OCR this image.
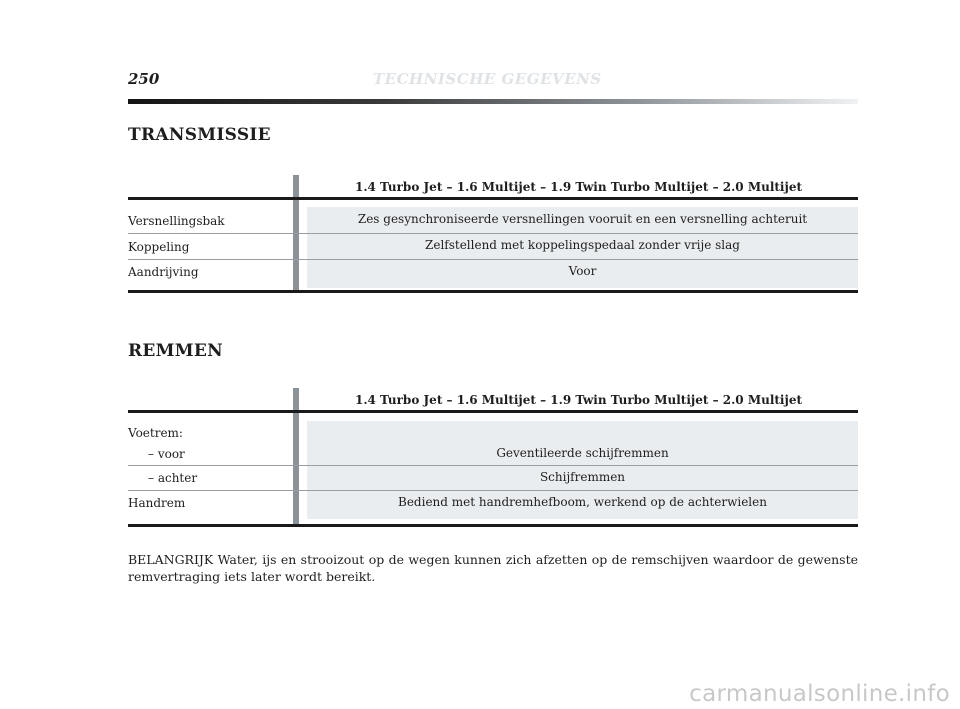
250	TECHNISCHE GEGEVENS
TRANSMISSIE
1.4 Turbo Jet – 1.6 Multijet – 1.9 Twin Turbo Multijet – 2.0 Multijet
Versnellingsbak	Zes gesynchroniseerde versnellingen vooruit en een versnelling achteruit
Koppeling	Zelfstellend met koppelingspedaal zonder vrije slag
Aandrijving	Voor
REMMEN
1.4 Turbo Jet – 1.6 Multijet – 1.9 Twin Turbo Multijet – 2.0 Multijet
Voetrem:
– voor	Geventileerde schijfremmen
– achter	Schijfremmen
Handrem	Bediend met handremhefboom, werkend op de achterwielen
BELANGRIJK Water, ijs en strooizout op de wegen kunnen zich afzetten op de remschijven waardoor de gewenste remvertraging iets later wordt bereikt.
carmanualsonline.info
